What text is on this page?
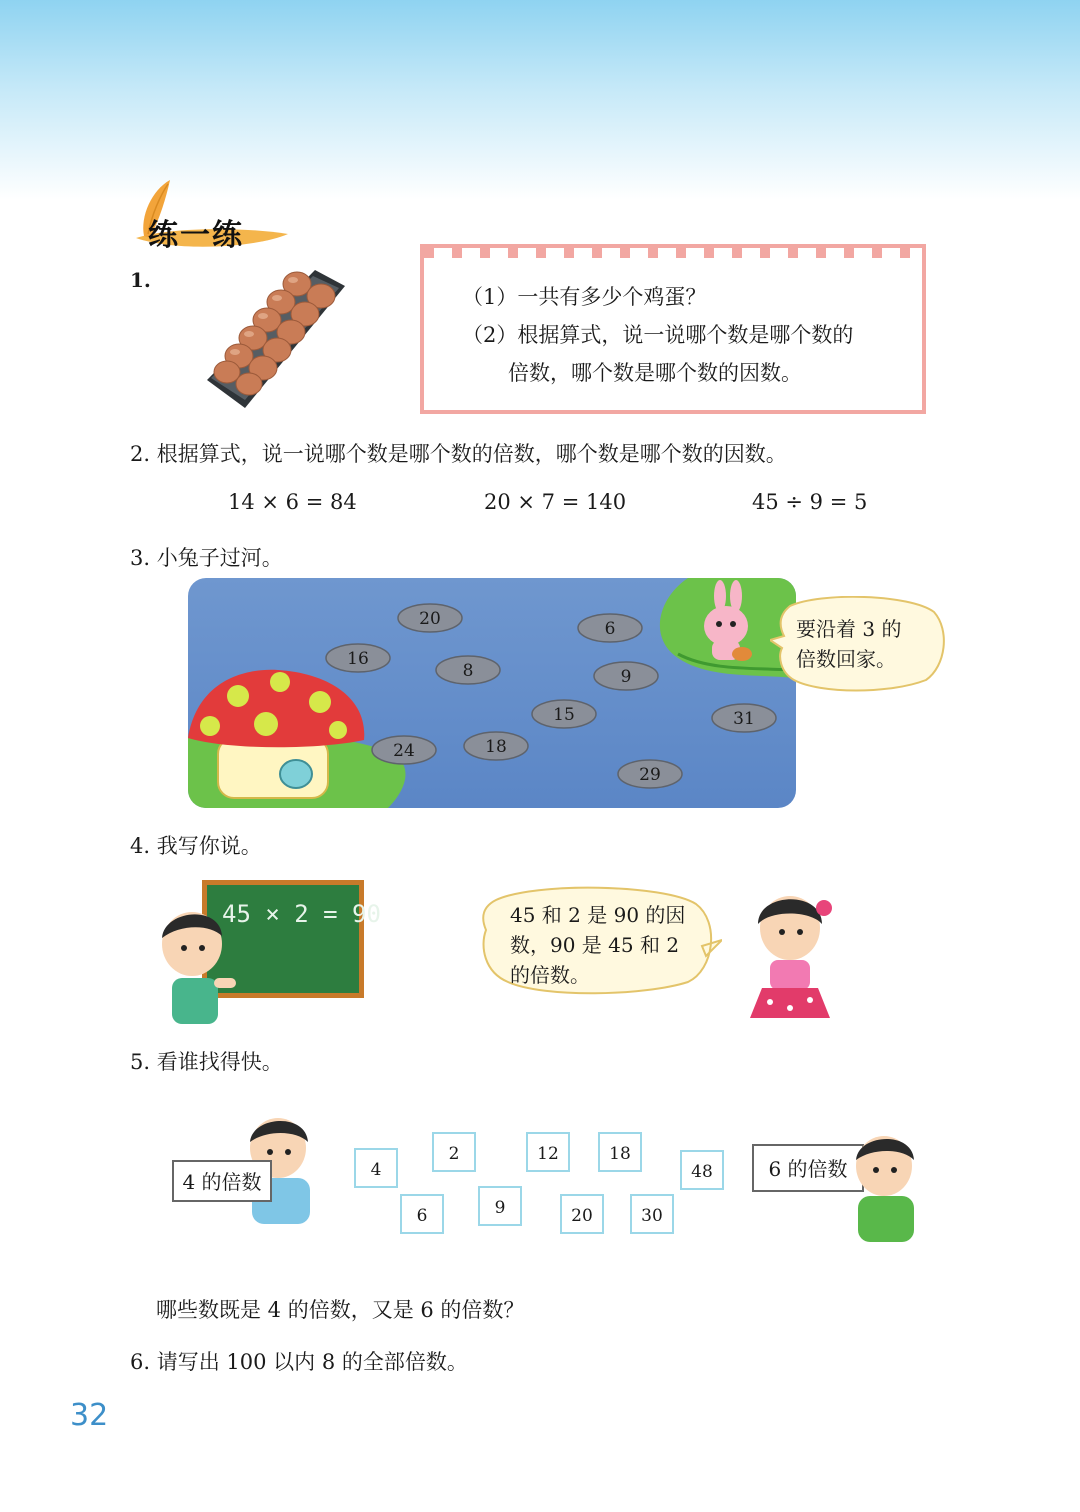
练一练
1.
（1）一共有多少个鸡蛋？
（2）根据算式，说一说哪个数是哪个数的
倍数，哪个数是哪个数的因数。
2. 根据算式，说一说哪个数是哪个数的倍数，哪个数是哪个数的因数。
14 × 6 = 84	20 × 7 = 140	45 ÷ 9 = 5
3. 小兔子过河。
20	6
16
8	9
15	31
24	18
29
要沿着 3 的
倍数回家。
4. 我写你说。
45 × 2 = 90	45 和 2 是 90 的因
数，90 是 45 和 2
的倍数。
5. 看谁找得快。
4 的倍数	4
2	12	18
48
6	9	20	30
6 的倍数
哪些数既是 4 的倍数，又是 6 的倍数？
6. 请写出 100 以内 8 的全部倍数。
32
